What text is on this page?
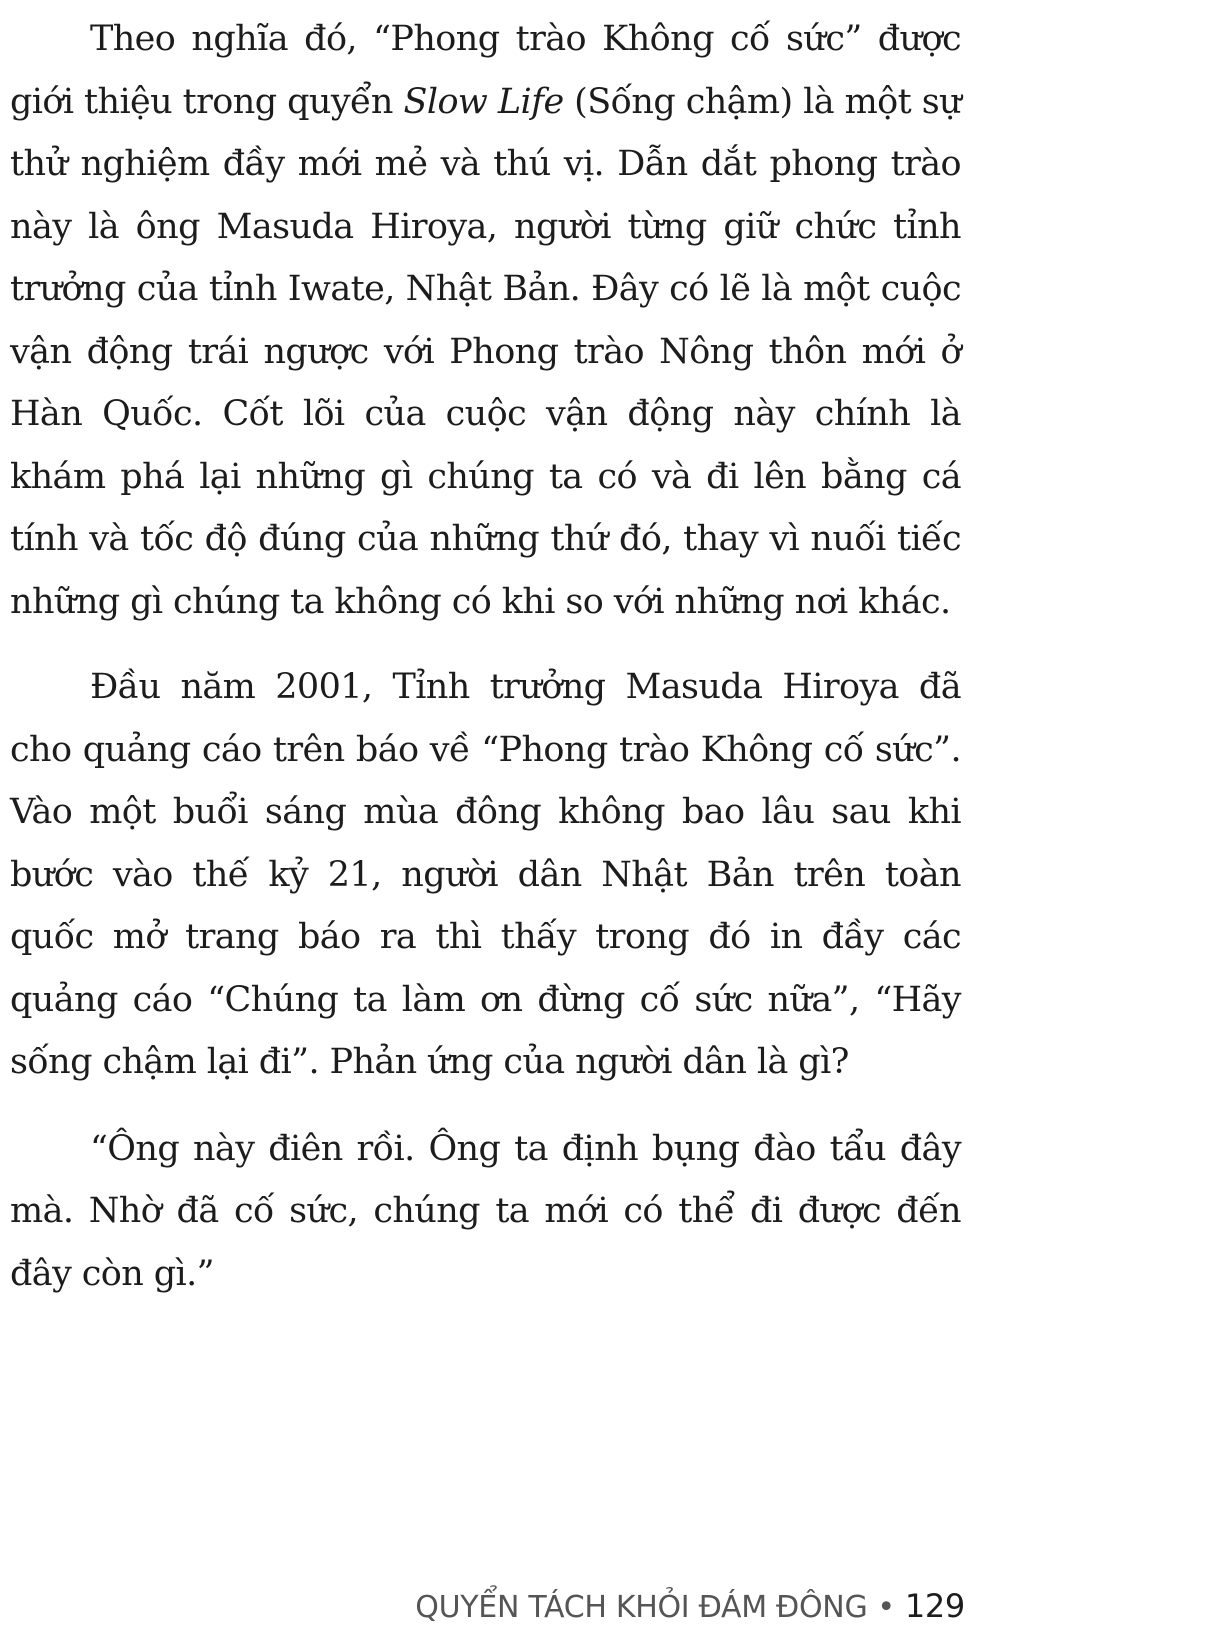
Theo nghĩa đó, “Phong trào Không cố sức” được giới thiệu trong quyển Slow Life (Sống chậm) là một sự thử nghiệm đầy mới mẻ và thú vị. Dẫn dắt phong trào này là ông Masuda Hiroya, người từng giữ chức tỉnh trưởng của tỉnh Iwate, Nhật Bản. Đây có lẽ là một cuộc vận động trái ngược với Phong trào Nông thôn mới ở Hàn Quốc. Cốt lõi của cuộc vận động này chính là khám phá lại những gì chúng ta có và đi lên bằng cá tính và tốc độ đúng của những thứ đó, thay vì nuối tiếc những gì chúng ta không có khi so với những nơi khác.

Đầu năm 2001, Tỉnh trưởng Masuda Hiroya đã cho quảng cáo trên báo về “Phong trào Không cố sức”. Vào một buổi sáng mùa đông không bao lâu sau khi bước vào thế kỷ 21, người dân Nhật Bản trên toàn quốc mở trang báo ra thì thấy trong đó in đầy các quảng cáo “Chúng ta làm ơn đừng cố sức nữa”, “Hãy sống chậm lại đi”. Phản ứng của người dân là gì?

“Ông này điên rồi. Ông ta định bụng đào tẩu đây mà. Nhờ đã cố sức, chúng ta mới có thể đi được đến đây còn gì.”

QUYỂN TÁCH KHỎI ĐÁM ĐÔNG • 129
